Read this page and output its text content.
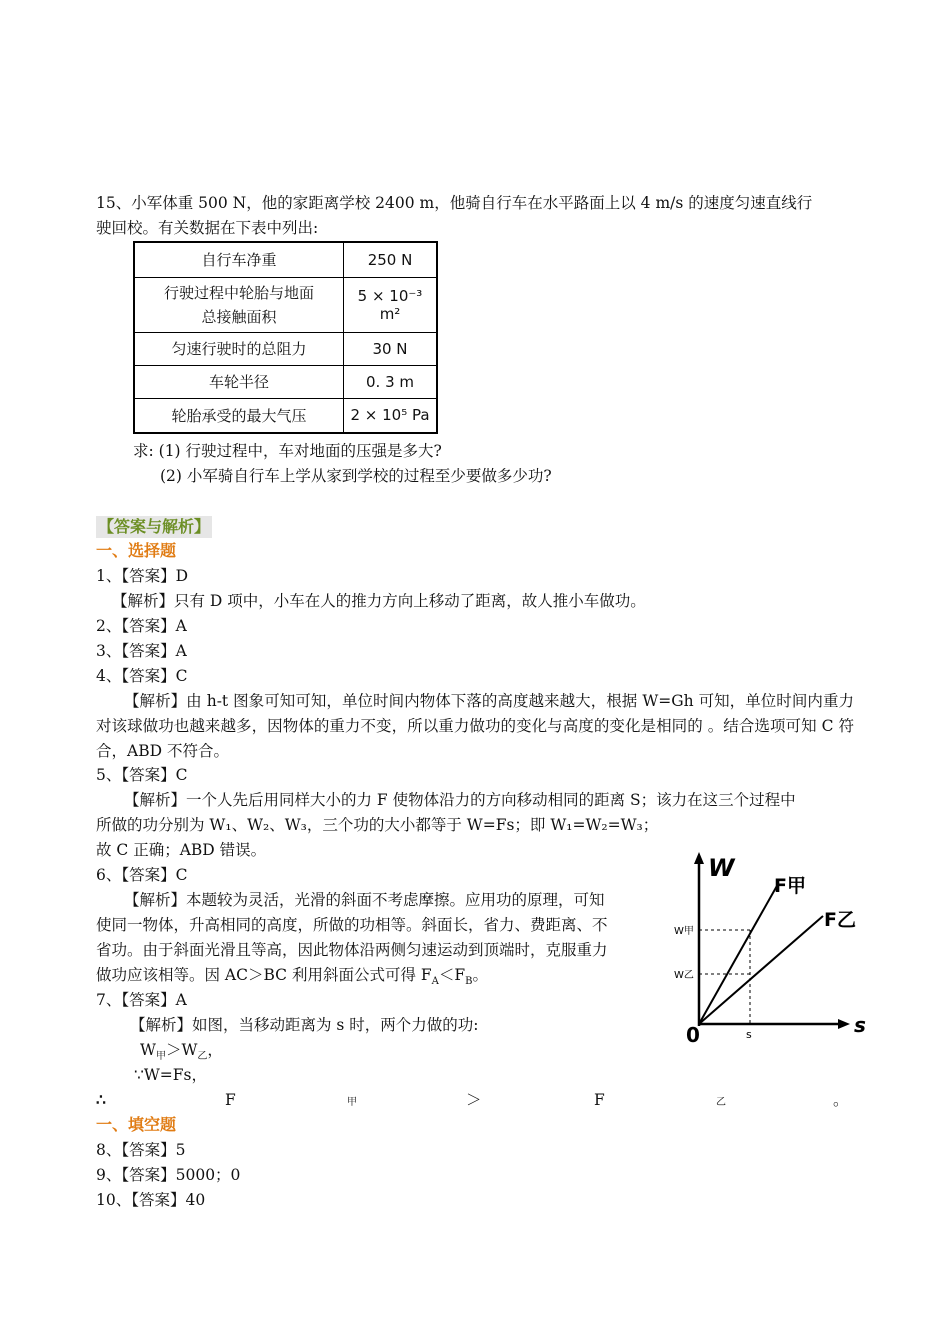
15、小军体重 500 N，他的家距离学校 2400 m，他骑自行车在水平路面上以 4 m/s 的速度匀速直线行
驶回校。有关数据在下表中列出:
自行车净重	250 N
行驶过程中轮胎与地面
总接触面积	5 × 10⁻³ m²
匀速行驶时的总阻力	30 N
车轮半径	0. 3 m
轮胎承受的最大气压	2 × 10⁵ Pa
求: (1) 行驶过程中，车对地面的压强是多大?
(2) 小军骑自行车上学从家到学校的过程至少要做多少功?
【答案与解析】
一、选择题
1、【答案】D
【解析】只有 D 项中，小车在人的推力方向上移动了距离，故人推小车做功。
2、【答案】A
3、【答案】A
4、【答案】C
【解析】由 h-t 图象可知可知，单位时间内物体下落的高度越来越大，根据 W=Gh 可知，单位时间内重力对该球做功也越来越多，因物体的重力不变，所以重力做功的变化与高度的变化是相同的 。结合选项可知 C 符合，ABD 不符合。
5、【答案】C
【解析】一个人先后用同样大小的力 F 使物体沿力的方向移动相同的距离 S；该力在这三个过程中
所做的功分别为 W₁、W₂、W₃，三个功的大小都等于 W=Fs；即 W₁=W₂=W₃；
故 C 正确；ABD 错误。
6、【答案】C
【解析】本题较为灵活，光滑的斜面不考虑摩擦。应用功的原理，可知
使同一物体，升高相同的高度，所做的功相等。斜面长，省力、费距离、不
省功。由于斜面光滑且等高，因此物体沿两侧匀速运动到顶端时，克服重力
做功应该相等。因 AC＞BC 利用斜面公式可得 $F_A<F_B$。
7、【答案】A
【解析】如图，当移动距离为 s 时，两个力做的功:
$W_甲>W_乙$，
∵W=Fs，
∴	F	甲	＞	F	乙	。
一、填空题
8、【答案】5
9、【答案】5000；0
10、【答案】40
W
s
0
F甲
F乙
W甲
W乙
s
